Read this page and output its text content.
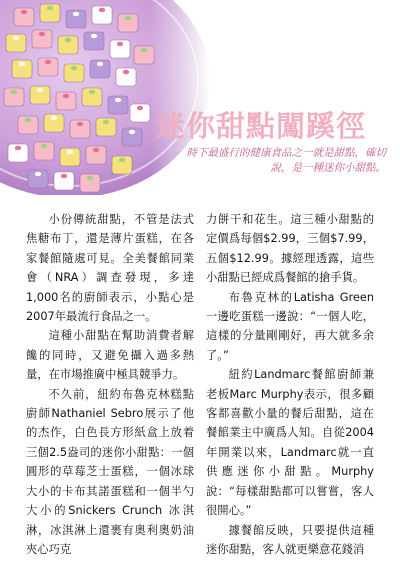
迷你甜點闖蹊徑
時下最盛行的健康食品之一就是甜點，確切說，是一種迷你小甜點。

小份傳統甜點，不管是法式焦糖布丁，還是薄片蛋糕，在各家餐館隨處可見。全美餐館同業會（NRA）調查發現，多達1,000名的廚師表示，小點心是2007年最流行食品之一。

這種小甜點在幫助消費者解饞的同時，又避免攝入過多熱量，在市場推廣中極具競爭力。

不久前，紐約布魯克林糕點廚師Nathaniel Sebro展示了他的杰作，白色長方形紙盒上放着三個2.5盎司的迷你小甜點：一個圓形的草莓芝士蛋糕，一個冰球大小的卡布其諾蛋糕和一個半勺大小的Snickers Crunch 冰淇淋，冰淇淋上還裹有奧利奧奶油夾心巧克

力餅干和花生。這三種小甜點的定價爲每個$2.99，三個$7.99，五個$12.99。據經理透露，這些小甜點已經成爲餐館的搶手貨。

布魯克林的Latisha Green一邊吃蛋糕一邊說：“一個人吃，這樣的分量剛剛好，再大就多余了。”

紐約Landmarc餐館廚師兼老板Marc Murphy表示，很多顧客都喜歡小量的餐后甜點，這在餐館業主中廣爲人知。自從2004年開業以來，Landmarc就一直供應迷你小甜點。Murphy說：“每樣甜點都可以嘗嘗，客人很開心。”

據餐館反映，只要提供這種迷你甜點，客人就更樂意花錢消
